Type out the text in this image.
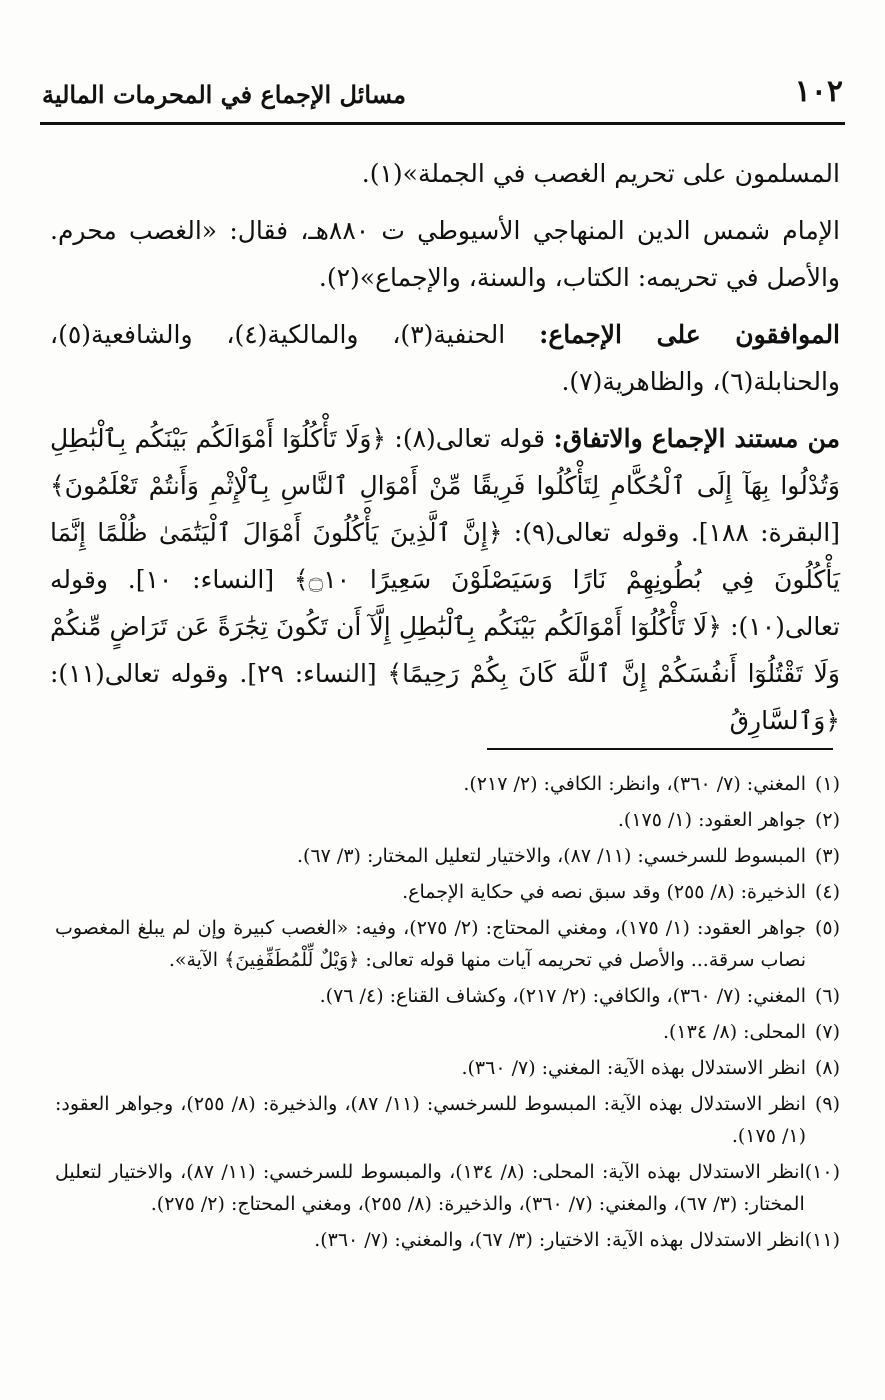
١٠٢
مسائل الإجماع في المحرمات المالية

المسلمون على تحريم الغصب في الجملة»(١).

الإمام شمس الدين المنهاجي الأسيوطي ت ٨٨٠هـ، فقال: «الغصب محرم. والأصل في تحريمه: الكتاب، والسنة، والإجماع»(٢).

الموافقون على الإجماع: الحنفية(٣)، والمالكية(٤)، والشافعية(٥)، والحنابلة(٦)، والظاهرية(٧).

من مستند الإجماع والاتفاق: قوله تعالى(٨): ﴿وَلَا تَأْكُلُوٓا أَمْوَالَكُم بَيْنَكُم بِٱلْبَٰطِلِ وَتُدْلُوا بِهَآ إِلَى ٱلْحُكَّامِ لِتَأْكُلُوا فَرِيقًا مِّنْ أَمْوَالِ ٱلنَّاسِ بِٱلْإِثْمِ وَأَنتُمْ تَعْلَمُونَ﴾ [البقرة: ١٨٨]. وقوله تعالى(٩): ﴿إِنَّ ٱلَّذِينَ يَأْكُلُونَ أَمْوَالَ ٱلْيَتَٰمَىٰ ظُلْمًا إِنَّمَا يَأْكُلُونَ فِي بُطُونِهِمْ نَارًا وَسَيَصْلَوْنَ سَعِيرًا ۝١٠﴾ [النساء: ١٠]. وقوله تعالى(١٠): ﴿لَا تَأْكُلُوٓا أَمْوَالَكُم بَيْنَكُم بِٱلْبَٰطِلِ إِلَّآ أَن تَكُونَ تِجَٰرَةً عَن تَرَاضٍ مِّنكُمْ وَلَا تَقْتُلُوٓا أَنفُسَكُمْ إِنَّ ٱللَّهَ كَانَ بِكُمْ رَحِيمًا﴾ [النساء: ٢٩]. وقوله تعالى(١١): ﴿وَٱلسَّارِقُ

(١)
المغني: (٧/ ٣٦٠)، وانظر: الكافي: (٢/ ٢١٧).
(٢)
جواهر العقود: (١/ ١٧٥).
(٣)
المبسوط للسرخسي: (١١/ ٨٧)، والاختيار لتعليل المختار: (٣/ ٦٧).
(٤)
الذخيرة: (٨/ ٢٥٥) وقد سبق نصه في حكاية الإجماع.
(٥)
جواهر العقود: (١/ ١٧٥)، ومغني المحتاج: (٢/ ٢٧٥)، وفيه: «الغصب كبيرة وإن لم يبلغ المغصوب نصاب سرقة... والأصل في تحريمه آيات منها قوله تعالى: ﴿وَيْلٌ لِّلْمُطَفِّفِينَ﴾ الآية».
(٦)
المغني: (٧/ ٣٦٠)، والكافي: (٢/ ٢١٧)، وكشاف القناع: (٤/ ٧٦).
(٧)
المحلى: (٨/ ١٣٤).
(٨)
انظر الاستدلال بهذه الآية: المغني: (٧/ ٣٦٠).
(٩)
انظر الاستدلال بهذه الآية: المبسوط للسرخسي: (١١/ ٨٧)، والذخيرة: (٨/ ٢٥٥)، وجواهر العقود: (١/ ١٧٥).
(١٠)
انظر الاستدلال بهذه الآية: المحلى: (٨/ ١٣٤)، والمبسوط للسرخسي: (١١/ ٨٧)، والاختيار لتعليل المختار: (٣/ ٦٧)، والمغني: (٧/ ٣٦٠)، والذخيرة: (٨/ ٢٥٥)، ومغني المحتاج: (٢/ ٢٧٥).
(١١)
انظر الاستدلال بهذه الآية: الاختيار: (٣/ ٦٧)، والمغني: (٧/ ٣٦٠).
